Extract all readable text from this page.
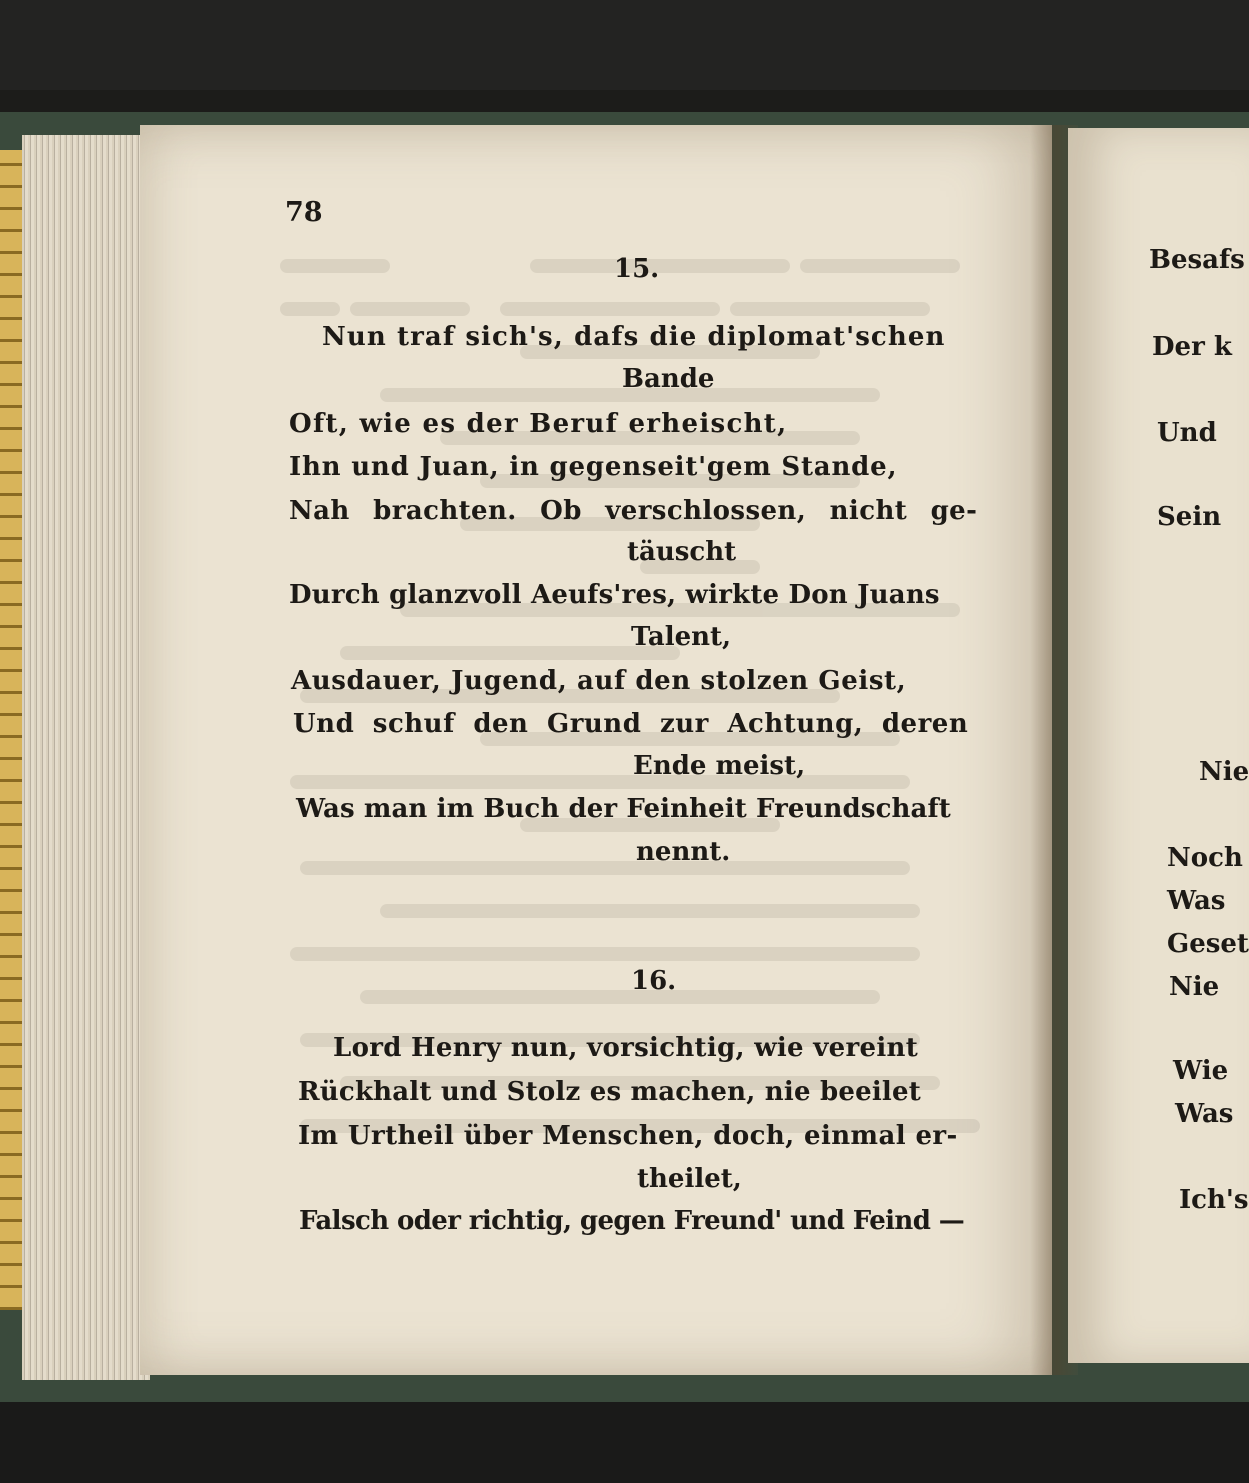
78
15.
Nun traf sich's, dafs die diplomat'schen
Bande
Oft, wie es der Beruf erheischt,
Ihn und Juan, in gegenseit'gem Stande,
Nah brachten. Ob verschlossen, nicht ge-
täuscht
Durch glanzvoll Aeufs'res, wirkte Don Juans
Talent,
Ausdauer, Jugend, auf den stolzen Geist,
Und schuf den Grund zur Achtung, deren
Ende meist,
Was man im Buch der Feinheit Freundschaft
nennt.
16.
Lord Henry nun, vorsichtig, wie vereint
Rückhalt und Stolz es machen, nie beeilet
Im Urtheil über Menschen, doch, einmal er-
theilet,
Falsch oder richtig, gegen Freund' und Feind —
Besafs
Der k
Und
Sein
Nie
Noch
Was
Geset
Nie
Wie
Was
Ich's
